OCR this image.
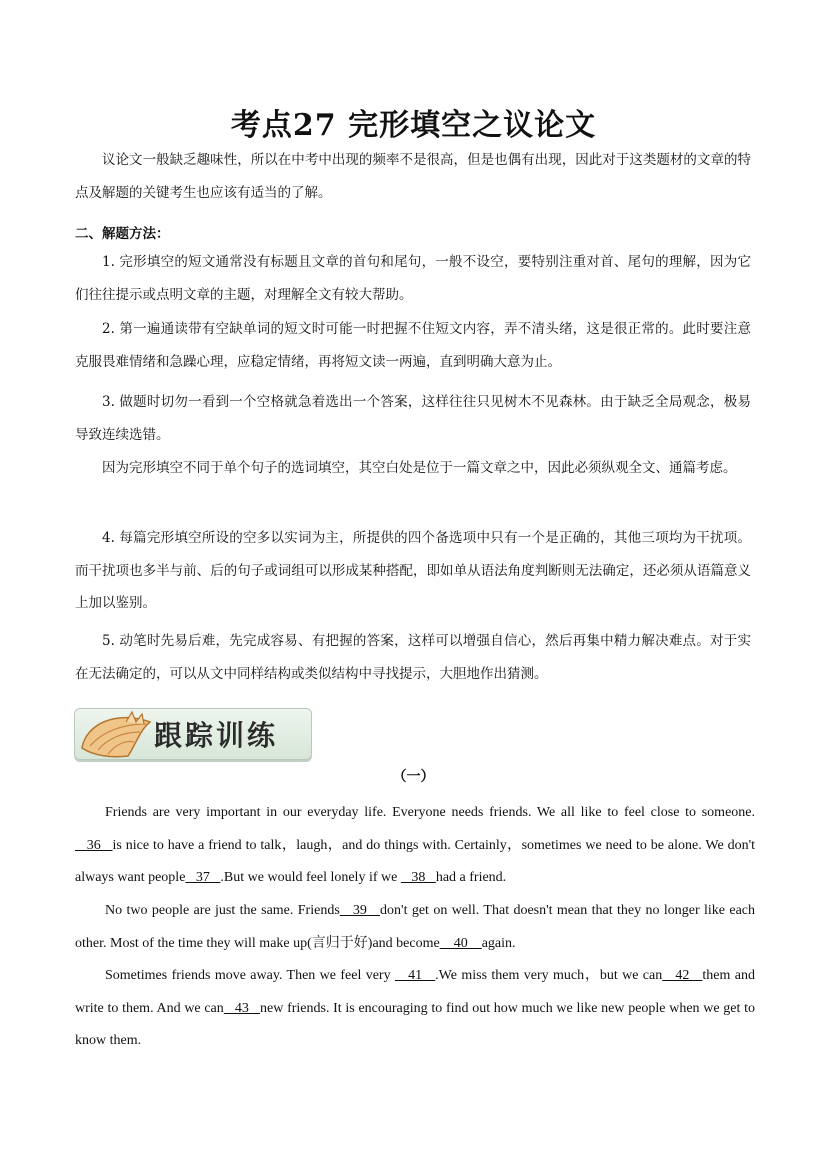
考点27 完形填空之议论文
议论文一般缺乏趣味性，所以在中考中出现的频率不是很高，但是也偶有出现，因此对于这类题材的文章的特点及解题的关键考生也应该有适当的了解。
二、解题方法：
1. 完形填空的短文通常没有标题且文章的首句和尾句，一般不设空，要特别注重对首、尾句的理解，因为它们往往提示或点明文章的主题，对理解全文有较大帮助。
2. 第一遍通读带有空缺单词的短文时可能一时把握不住短文内容，弄不清头绪，这是很正常的。此时要注意克服畏难情绪和急躁心理，应稳定情绪，再将短文读一两遍，直到明确大意为止。
3. 做题时切勿一看到一个空格就急着选出一个答案，这样往往只见树木不见森林。由于缺乏全局观念，极易导致连续选错。
因为完形填空不同于单个句子的选词填空，其空白处是位于一篇文章之中，因此必须纵观全文、通篇考虑。
4. 每篇完形填空所设的空多以实词为主，所提供的四个备选项中只有一个是正确的，其他三项均为干扰项。而干扰项也多半与前、后的句子或词组可以形成某种搭配，即如单从语法角度判断则无法确定，还必须从语篇意义上加以鉴别。
5. 动笔时先易后难，先完成容易、有把握的答案，这样可以增强自信心，然后再集中精力解决难点。对于实在无法确定的，可以从文中同样结构或类似结构中寻找提示，大胆地作出猜测。
跟踪训练
（一）
Friends are very important in our everyday life. Everyone needs friends. We all like to feel close to someone.    36   is nice to have a friend to talk，laugh，and do things with. Certainly，sometimes we need to be alone. We don't always want people   37   .But we would feel lonely if we    38   had a friend.
No two people are just the same. Friends   39   don't get on well. That doesn't mean that they no longer like each other. Most of the time they will make up(言归于好)and become    40    again.
Sometimes friends move away. Then we feel very    41   .We miss them very much，but we can   42   them and write to them. And we can   43   new friends. It is encouraging to find out how much we like new people when we get to know them.
